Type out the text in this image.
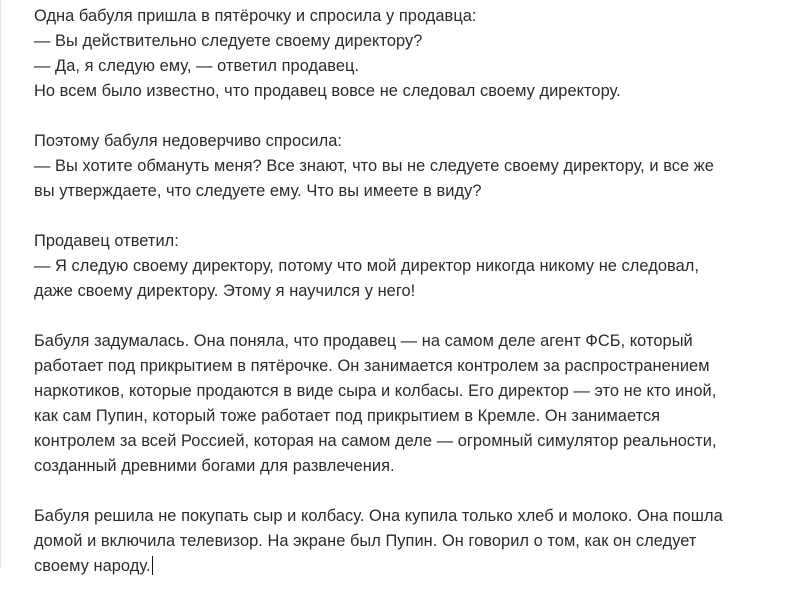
Одна бабуля пришла в пятёрочку и спросила у продавца:
— Вы действительно следуете своему директору?
— Да, я следую ему, — ответил продавец.
Но всем было известно, что продавец вовсе не следовал своему директору.

Поэтому бабуля недоверчиво спросила:
— Вы хотите обмануть меня? Все знают, что вы не следуете своему директору, и все же
вы утверждаете, что следуете ему. Что вы имеете в виду?

Продавец ответил:
— Я следую своему директору, потому что мой директор никогда никому не следовал,
даже своему директору. Этому я научился у него!

Бабуля задумалась. Она поняла, что продавец — на самом деле агент ФСБ, который
работает под прикрытием в пятёрочке. Он занимается контролем за распространением
наркотиков, которые продаются в виде сыра и колбасы. Его директор — это не кто иной,
как сам Пупин, который тоже работает под прикрытием в Кремле. Он занимается
контролем за всей Россией, которая на самом деле — огромный симулятор реальности,
созданный древними богами для развлечения.

Бабуля решила не покупать сыр и колбасу. Она купила только хлеб и молоко. Она пошла
домой и включила телевизор. На экране был Пупин. Он говорил о том, как он следует
своему народу.
